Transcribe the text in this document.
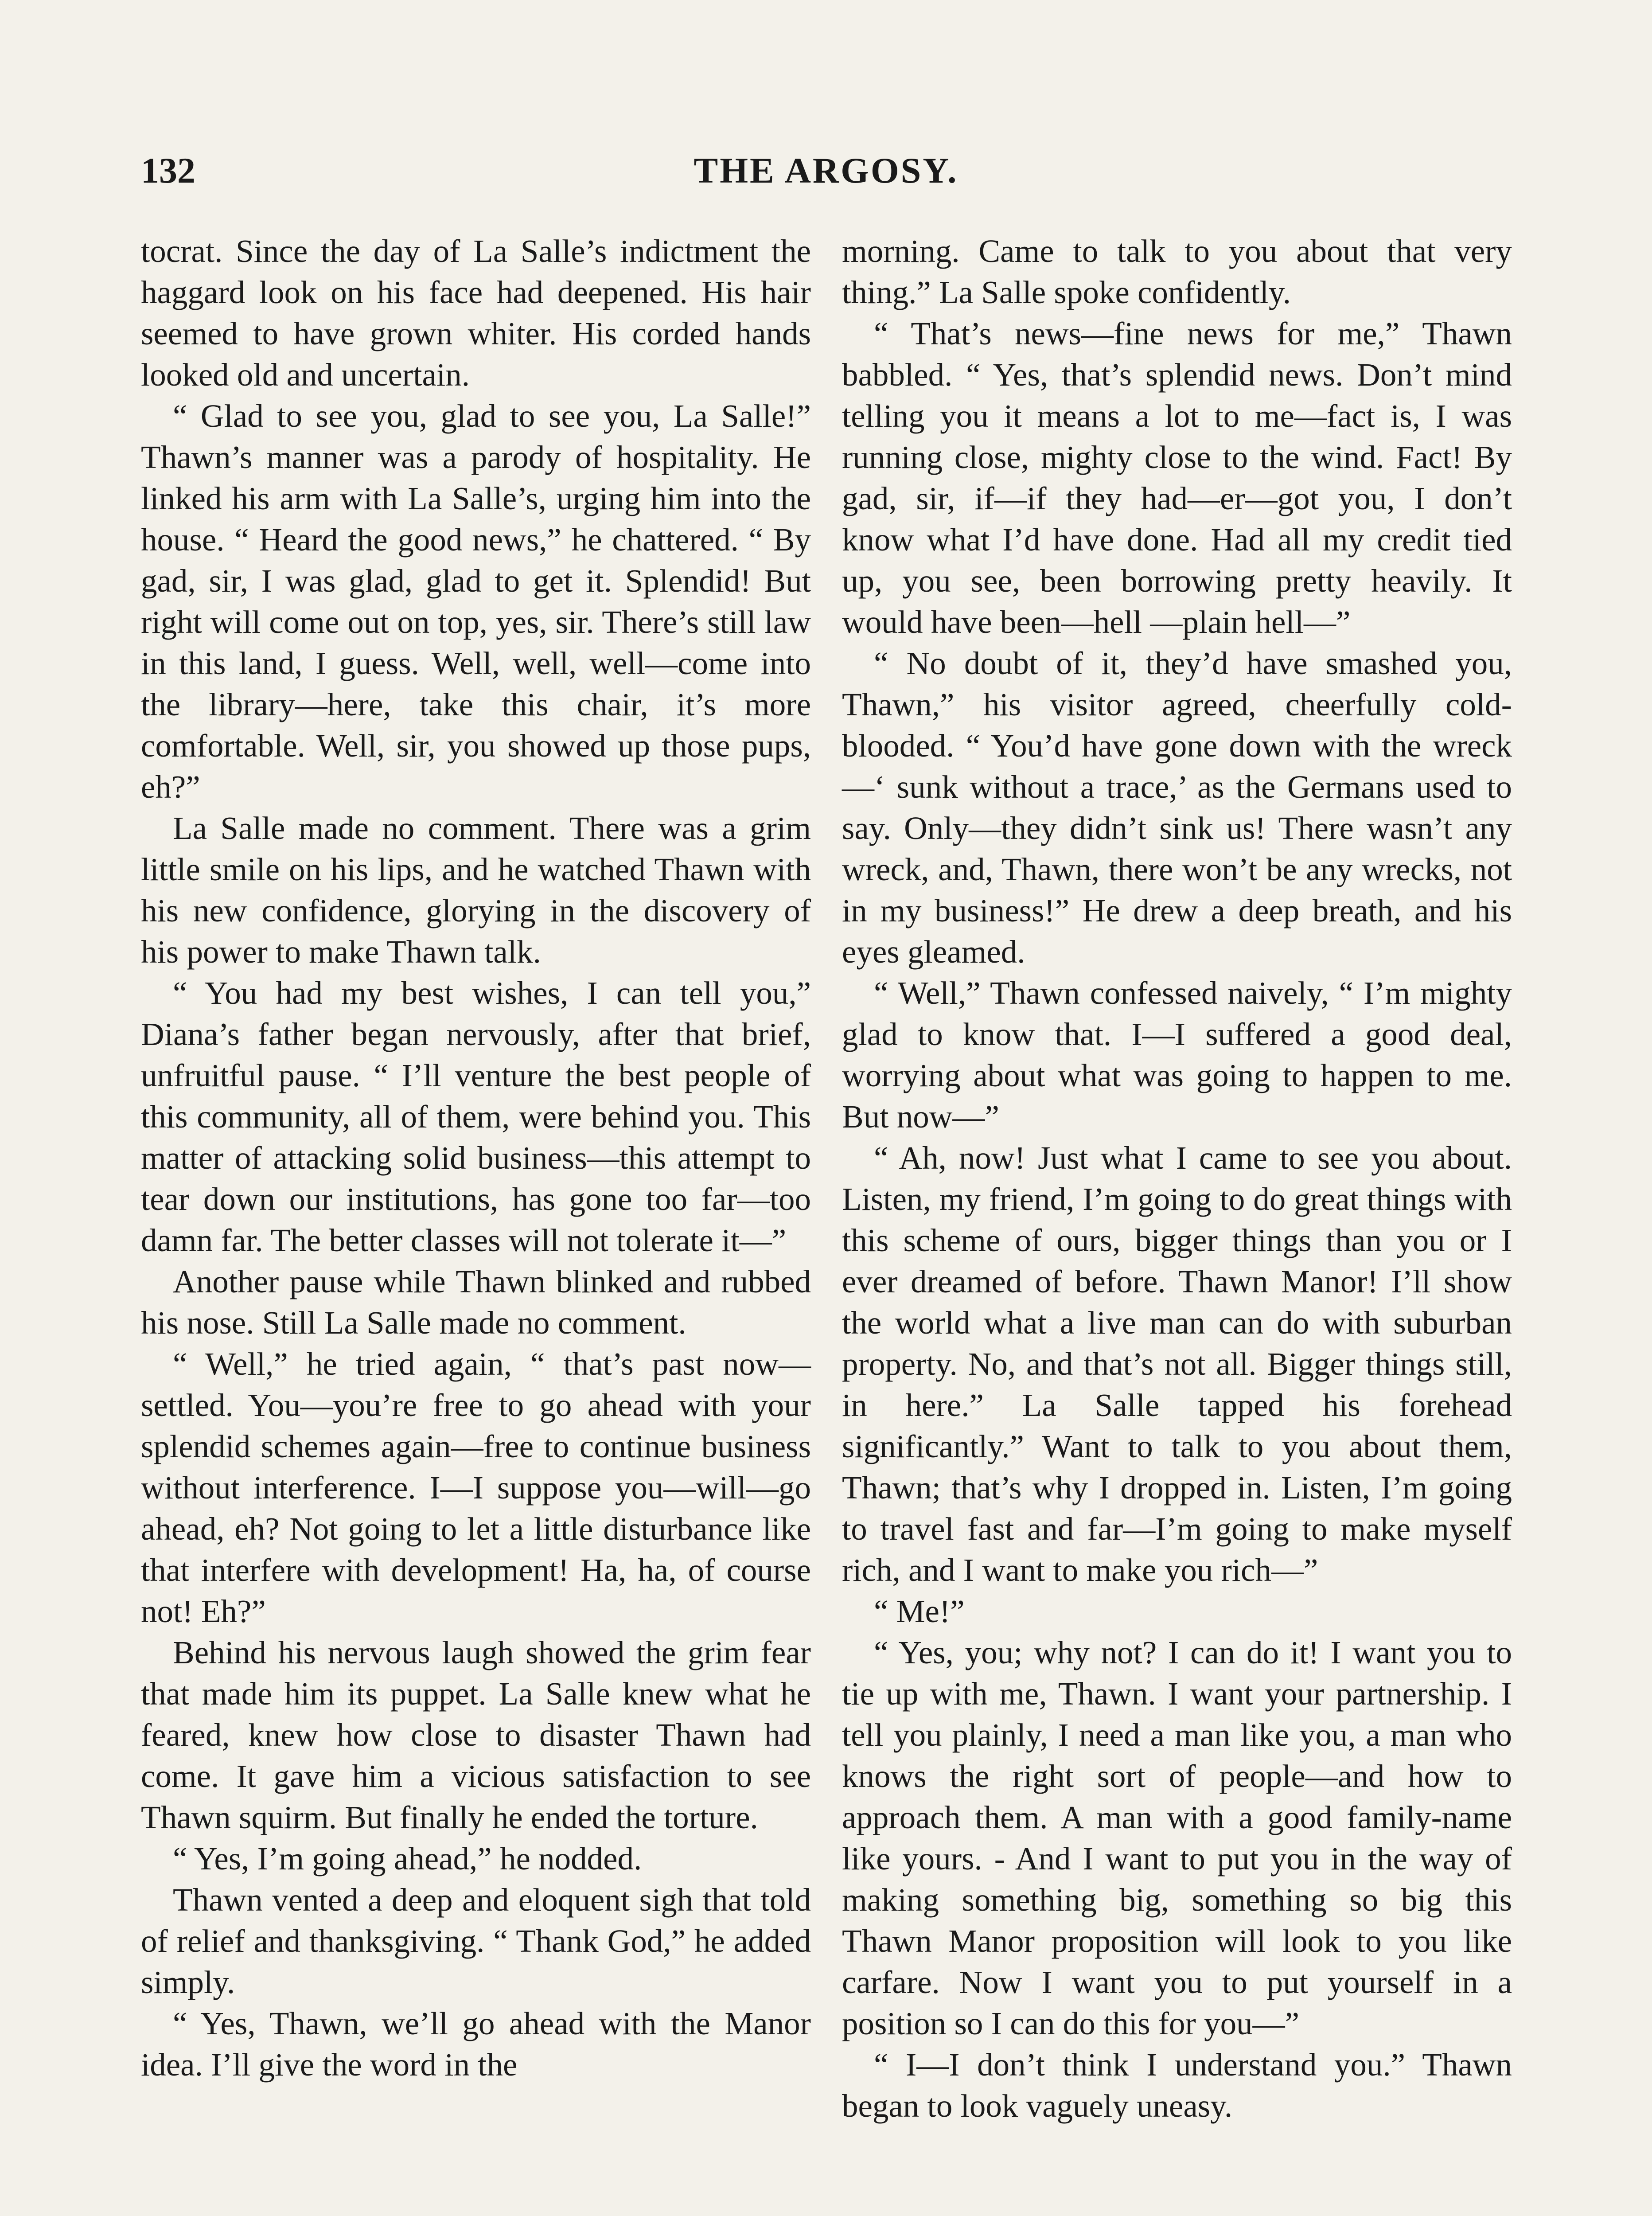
132	THE ARGOSY.

tocrat. Since the day of La Salle’s indictment the haggard look on his face had deepened. His hair seemed to have grown whiter. His corded hands looked old and uncertain.

“ Glad to see you, glad to see you, La Salle!” Thawn’s manner was a parody of hospitality. He linked his arm with La Salle’s, urging him into the house. “ Heard the good news,” he chattered. “ By gad, sir, I was glad, glad to get it. Splendid! But right will come out on top, yes, sir. There’s still law in this land, I guess. Well, well, well—come into the library—here, take this chair, it’s more comfortable. Well, sir, you showed up those pups, eh?”

La Salle made no comment. There was a grim little smile on his lips, and he watched Thawn with his new confidence, glorying in the discovery of his power to make Thawn talk.

“ You had my best wishes, I can tell you,” Diana’s father began nervously, after that brief, unfruitful pause. “ I’ll venture the best people of this community, all of them, were behind you. This matter of attacking solid business—this attempt to tear down our institutions, has gone too far—too damn far. The better classes will not tolerate it—”

Another pause while Thawn blinked and rubbed his nose. Still La Salle made no comment.

“ Well,” he tried again, “ that’s past now—settled. You—you’re free to go ahead with your splendid schemes again—free to continue business without interference. I—I suppose you—will—go ahead, eh? Not going to let a little disturbance like that interfere with development! Ha, ha, of course not! Eh?”

Behind his nervous laugh showed the grim fear that made him its puppet. La Salle knew what he feared, knew how close to disaster Thawn had come. It gave him a vicious satisfaction to see Thawn squirm. But finally he ended the torture.

“ Yes, I’m going ahead,” he nodded.

Thawn vented a deep and eloquent sigh that told of relief and thanksgiving. “ Thank God,” he added simply.

“ Yes, Thawn, we’ll go ahead with the Manor idea. I’ll give the word in the

morning. Came to talk to you about that very thing.” La Salle spoke confidently.

“ That’s news—fine news for me,” Thawn babbled. “ Yes, that’s splendid news. Don’t mind telling you it means a lot to me—fact is, I was running close, mighty close to the wind. Fact! By gad, sir, if—if they had—er—got you, I don’t know what I’d have done. Had all my credit tied up, you see, been borrowing pretty heavily. It would have been—hell —plain hell—”

“ No doubt of it, they’d have smashed you, Thawn,” his visitor agreed, cheerfully cold-blooded. “ You’d have gone down with the wreck—‘ sunk without a trace,’ as the Germans used to say. Only—they didn’t sink us! There wasn’t any wreck, and, Thawn, there won’t be any wrecks, not in my business!” He drew a deep breath, and his eyes gleamed.

“ Well,” Thawn confessed naively, “ I’m mighty glad to know that. I—I suffered a good deal, worrying about what was going to happen to me. But now—”

“ Ah, now! Just what I came to see you about. Listen, my friend, I’m going to do great things with this scheme of ours, bigger things than you or I ever dreamed of before. Thawn Manor! I’ll show the world what a live man can do with suburban property. No, and that’s not all. Bigger things still, in here.” La Salle tapped his forehead significantly.” Want to talk to you about them, Thawn; that’s why I dropped in. Listen, I’m going to travel fast and far—I’m going to make myself rich, and I want to make you rich—”

“ Me!”

“ Yes, you; why not? I can do it! I want you to tie up with me, Thawn. I want your partnership. I tell you plainly, I need a man like you, a man who knows the right sort of people—and how to approach them. A man with a good family-name like yours. - And I want to put you in the way of making something big, something so big this Thawn Manor proposition will look to you like carfare. Now I want you to put yourself in a position so I can do this for you—”

“ I—I don’t think I understand you.” Thawn began to look vaguely uneasy.
